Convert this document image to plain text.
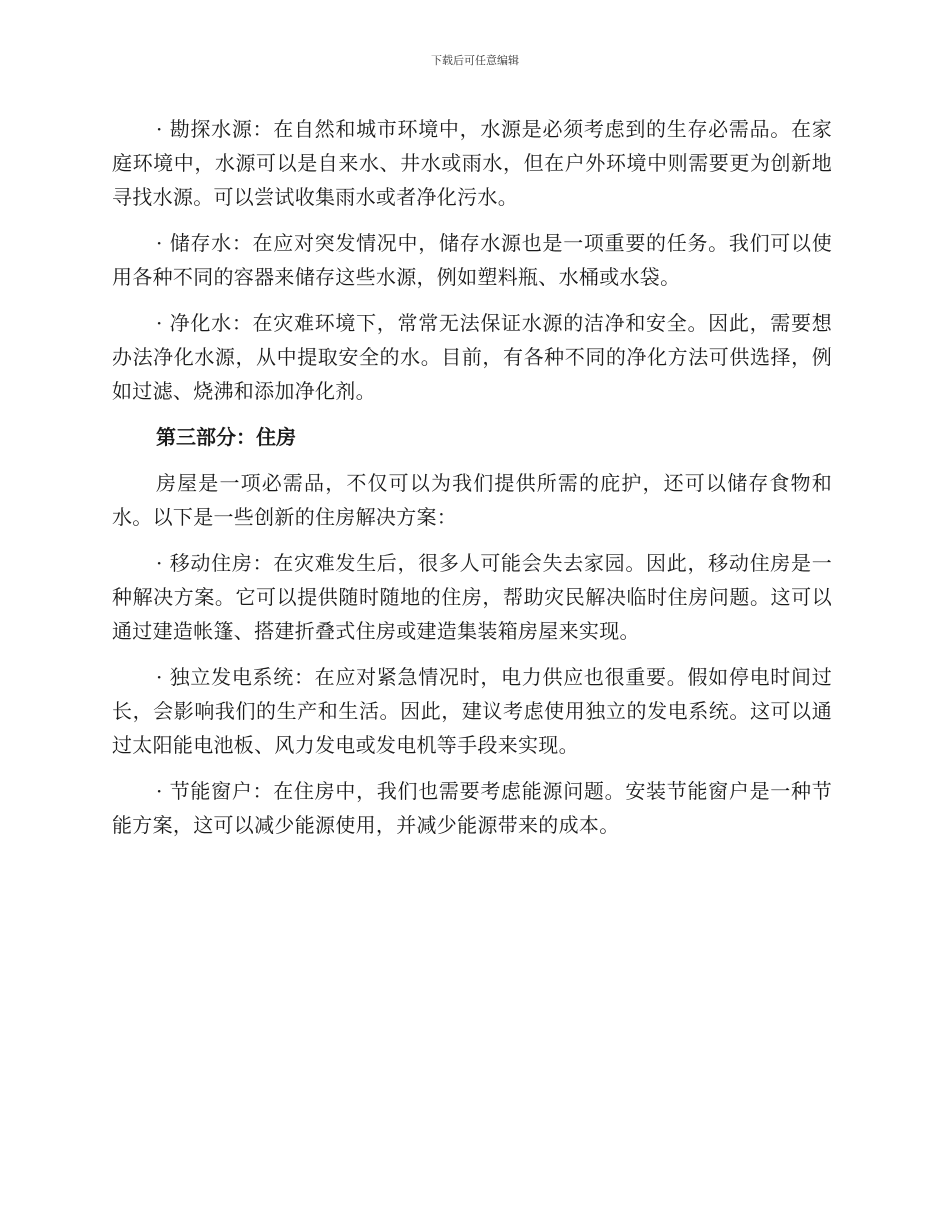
下载后可任意编辑

· 勘探水源：在自然和城市环境中，水源是必须考虑到的生存必需品。在家庭环境中，水源可以是自来水、井水或雨水，但在户外环境中则需要更为创新地寻找水源。可以尝试收集雨水或者净化污水。

· 储存水：在应对突发情况中，储存水源也是一项重要的任务。我们可以使用各种不同的容器来储存这些水源，例如塑料瓶、水桶或水袋。

· 净化水：在灾难环境下，常常无法保证水源的洁净和安全。因此，需要想办法净化水源，从中提取安全的水。目前，有各种不同的净化方法可供选择，例如过滤、烧沸和添加净化剂。

第三部分：住房

房屋是一项必需品，不仅可以为我们提供所需的庇护，还可以储存食物和水。以下是一些创新的住房解决方案：

· 移动住房：在灾难发生后，很多人可能会失去家园。因此，移动住房是一种解决方案。它可以提供随时随地的住房，帮助灾民解决临时住房问题。这可以通过建造帐篷、搭建折叠式住房或建造集装箱房屋来实现。

· 独立发电系统：在应对紧急情况时，电力供应也很重要。假如停电时间过长，会影响我们的生产和生活。因此，建议考虑使用独立的发电系统。这可以通过太阳能电池板、风力发电或发电机等手段来实现。

· 节能窗户：在住房中，我们也需要考虑能源问题。安装节能窗户是一种节能方案，这可以减少能源使用，并减少能源带来的成本。
